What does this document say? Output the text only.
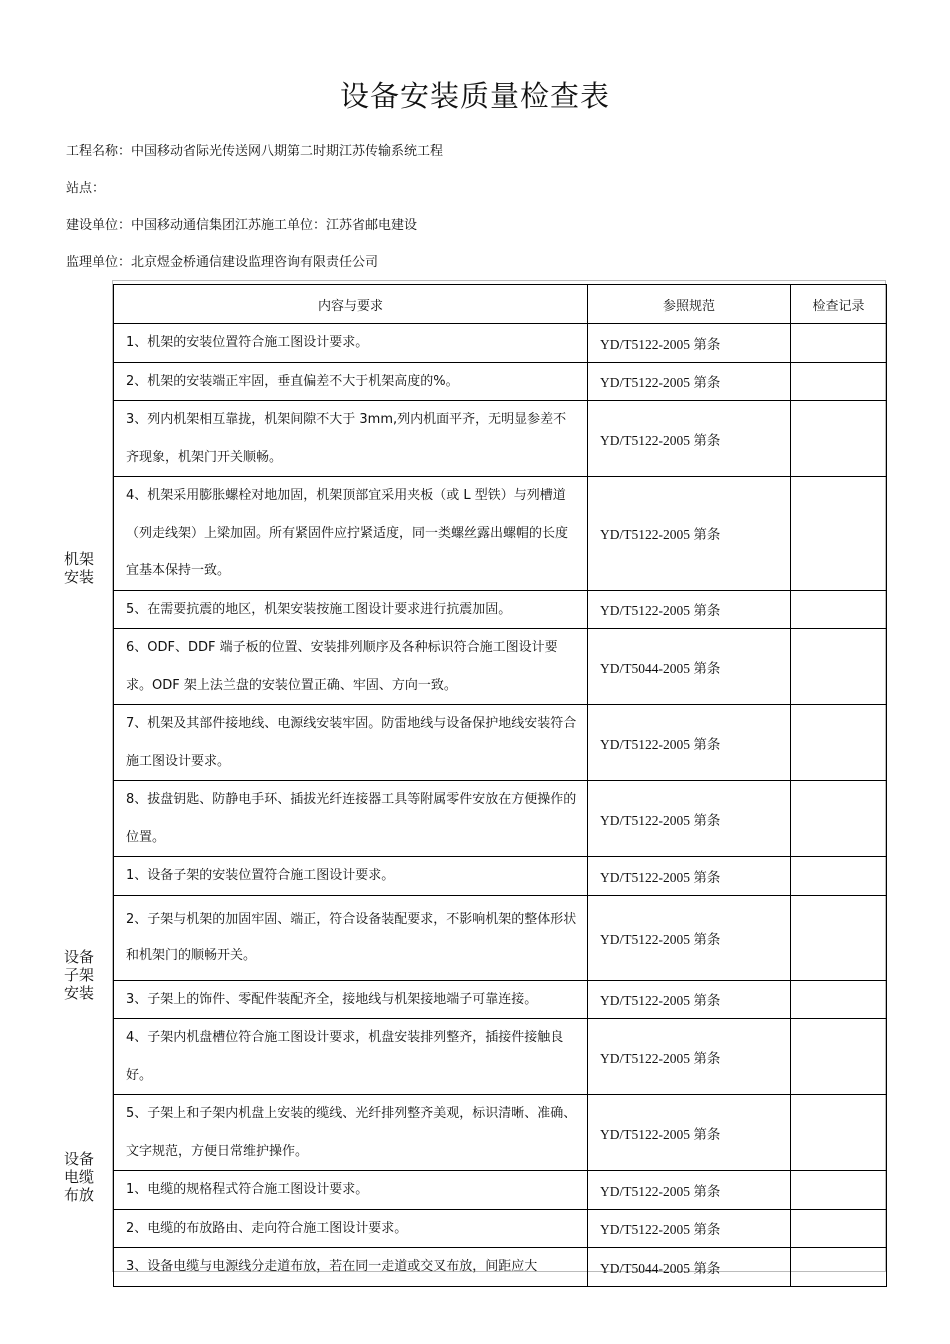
设备安装质量检查表
工程名称：中国移动省际光传送网八期第二时期江苏传输系统工程
站点：
建设单位：中国移动通信集团江苏施工单位：江苏省邮电建设
监理单位：北京煜金桥通信建设监理咨询有限责任公司
机架安装
设备子架安装
设备电缆布放
内容与要求	参照规范	检查记录
1、机架的安装位置符合施工图设计要求。	YD/T5122-2005 第条	
2、机架的安装端正牢固，垂直偏差不大于机架高度的%。	YD/T5122-2005 第条	
3、列内机架相互靠拢，机架间隙不大于 3mm,列内机面平齐，无明显参差不齐现象，机架门开关顺畅。	YD/T5122-2005 第条	
4、机架采用膨胀螺栓对地加固，机架顶部宜采用夹板（或 L 型铁）与列槽道（列走线架）上梁加固。所有紧固件应拧紧适度，同一类螺丝露出螺帽的长度宜基本保持一致。	YD/T5122-2005 第条	
5、在需要抗震的地区，机架安装按施工图设计要求进行抗震加固。	YD/T5122-2005 第条	
6、ODF、DDF 端子板的位置、安装排列顺序及各种标识符合施工图设计要求。ODF 架上法兰盘的安装位置正确、牢固、方向一致。	YD/T5044-2005 第条	
7、机架及其部件接地线、电源线安装牢固。防雷地线与设备保护地线安装符合施工图设计要求。	YD/T5122-2005 第条	
8、拔盘钥匙、防静电手环、插拔光纤连接器工具等附属零件安放在方便操作的位置。	YD/T5122-2005 第条	
1、设备子架的安装位置符合施工图设计要求。	YD/T5122-2005 第条	
2、子架与机架的加固牢固、端正，符合设备装配要求，不影响机架的整体形状和机架门的顺畅开关。	YD/T5122-2005 第条	
3、子架上的饰件、零配件装配齐全，接地线与机架接地端子可靠连接。	YD/T5122-2005 第条	
4、子架内机盘槽位符合施工图设计要求，机盘安装排列整齐，插接件接触良好。	YD/T5122-2005 第条	
5、子架上和子架内机盘上安装的缆线、光纤排列整齐美观，标识清晰、准确、文字规范，方便日常维护操作。	YD/T5122-2005 第条	
1、电缆的规格程式符合施工图设计要求。	YD/T5122-2005 第条	
2、电缆的布放路由、走向符合施工图设计要求。	YD/T5122-2005 第条	
3、设备电缆与电源线分走道布放，若在同一走道或交叉布放，间距应大	YD/T5044-2005 第条	
